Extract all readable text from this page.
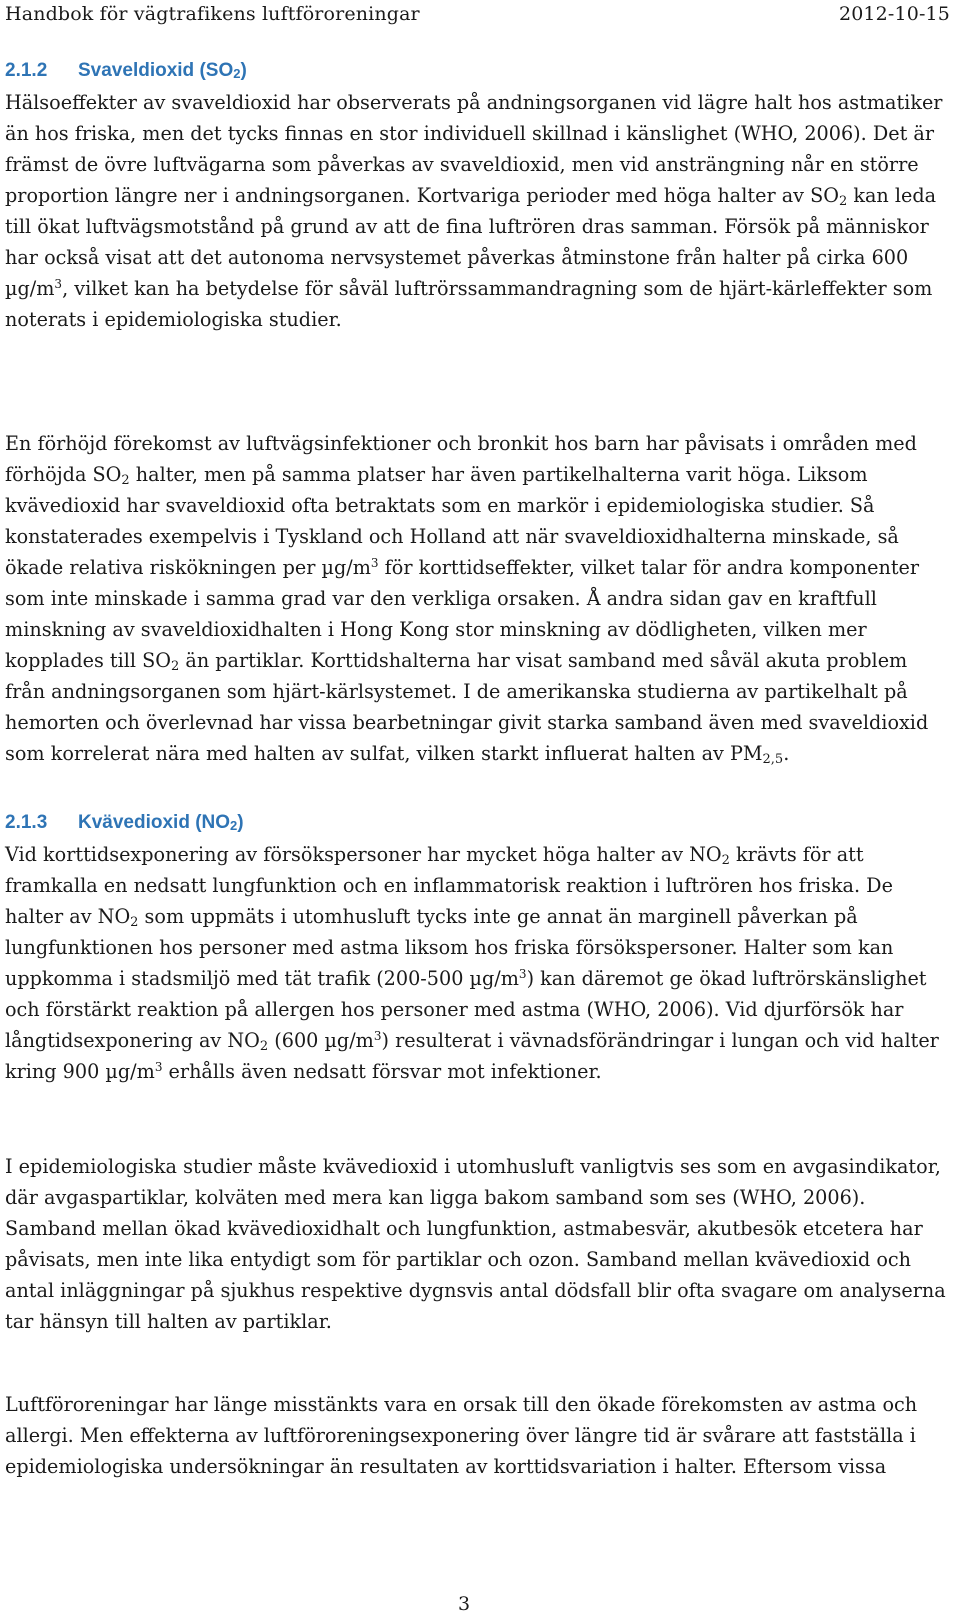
Handbok för vägtrafikens luftföroreningar	2012-10-15
2.1.2 Svaveldioxid $(SO_2)$
Hälsoeffekter av svaveldioxid har observerats på andningsorganen vid lägre halt hos astmatiker
än hos friska, men det tycks finnas en stor individuell skillnad i känslighet (WHO, 2006). Det är
främst de övre luftvägarna som påverkas av svaveldioxid, men vid ansträngning når en större
proportion längre ner i andningsorganen. Kortvariga perioder med höga halter av SO2 kan leda
till ökat luftvägsmotstånd på grund av att de fina luftrören dras samman. Försök på människor
har också visat att det autonoma nervsystemet påverkas åtminstone från halter på cirka 600
$\mu g/m^3$, vilket kan ha betydelse för såväl luftrörssammandragning som de hjärt-kärleffekter som
noterats i epidemiologiska studier.
En förhöjd förekomst av luftvägsinfektioner och bronkit hos barn har påvisats i områden med
förhöjda SO2 halter, men på samma platser har även partikelhalterna varit höga. Liksom
kvävedioxid har svaveldioxid ofta betraktats som en markör i epidemiologiska studier. Så
konstaterades exempelvis i Tyskland och Holland att när svaveldioxidhalterna minskade, så
ökade relativa riskökningen per $\mu g/m^3$ för korttidseffekter, vilket talar för andra komponenter
som inte minskade i samma grad var den verkliga orsaken. Å andra sidan gav en kraftfull
minskning av svaveldioxidhalten i Hong Kong stor minskning av dödligheten, vilken mer
kopplades till SO2 än partiklar. Korttidshalterna har visat samband med såväl akuta problem
från andningsorganen som hjärt-kärlsystemet. I de amerikanska studierna av partikelhalt på
hemorten och överlevnad har vissa bearbetningar givit starka samband även med svaveldioxid
som korrelerat nära med halten av sulfat, vilken starkt influerat halten av PM2,5.
2.1.3 Kvävedioxid $(NO_2)$
Vid korttidsexponering av försökspersoner har mycket höga halter av NO2 krävts för att
framkalla en nedsatt lungfunktion och en inflammatorisk reaktion i luftrören hos friska. De
halter av NO2 som uppmäts i utomhusluft tycks inte ge annat än marginell påverkan på
lungfunktionen hos personer med astma liksom hos friska försökspersoner. Halter som kan
uppkomma i stadsmiljö med tät trafik (200-500 $\mu g/m^3$) kan däremot ge ökad luftrörskänslighet
och förstärkt reaktion på allergen hos personer med astma (WHO, 2006). Vid djurförsök har
långtidsexponering av NO2 (600 $\mu g/m^3$) resulterat i vävnadsförändringar i lungan och vid halter
kring 900 $\mu g/m^3$ erhålls även nedsatt försvar mot infektioner.
I epidemiologiska studier måste kvävedioxid i utomhusluft vanligtvis ses som en avgasindikator,
där avgaspartiklar, kolväten med mera kan ligga bakom samband som ses (WHO, 2006).
Samband mellan ökad kvävedioxidhalt och lungfunktion, astmabesvär, akutbesök etcetera har
påvisats, men inte lika entydigt som för partiklar och ozon. Samband mellan kvävedioxid och
antal inläggningar på sjukhus respektive dygnsvis antal dödsfall blir ofta svagare om analyserna
tar hänsyn till halten av partiklar.
Luftföroreningar har länge misstänkts vara en orsak till den ökade förekomsten av astma och
allergi. Men effekterna av luftföroreningsexponering över längre tid är svårare att fastställa i
epidemiologiska undersökningar än resultaten av korttidsvariation i halter. Eftersom vissa
3
